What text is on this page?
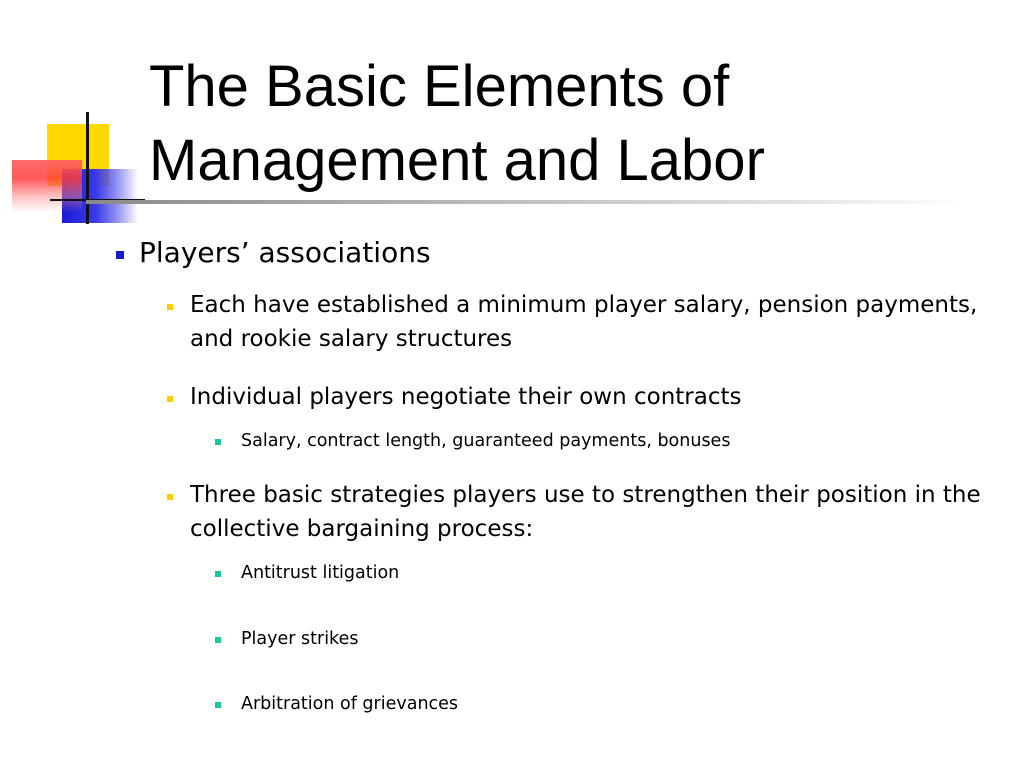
The Basic Elements of
Management and Labor
Players’ associations
Each have established a minimum player salary, pension payments, and rookie salary structures
Individual players negotiate their own contracts
Salary, contract length, guaranteed payments, bonuses
Three basic strategies players use to strengthen their position in the collective bargaining process:
Antitrust litigation
Player strikes
Arbitration of grievances
